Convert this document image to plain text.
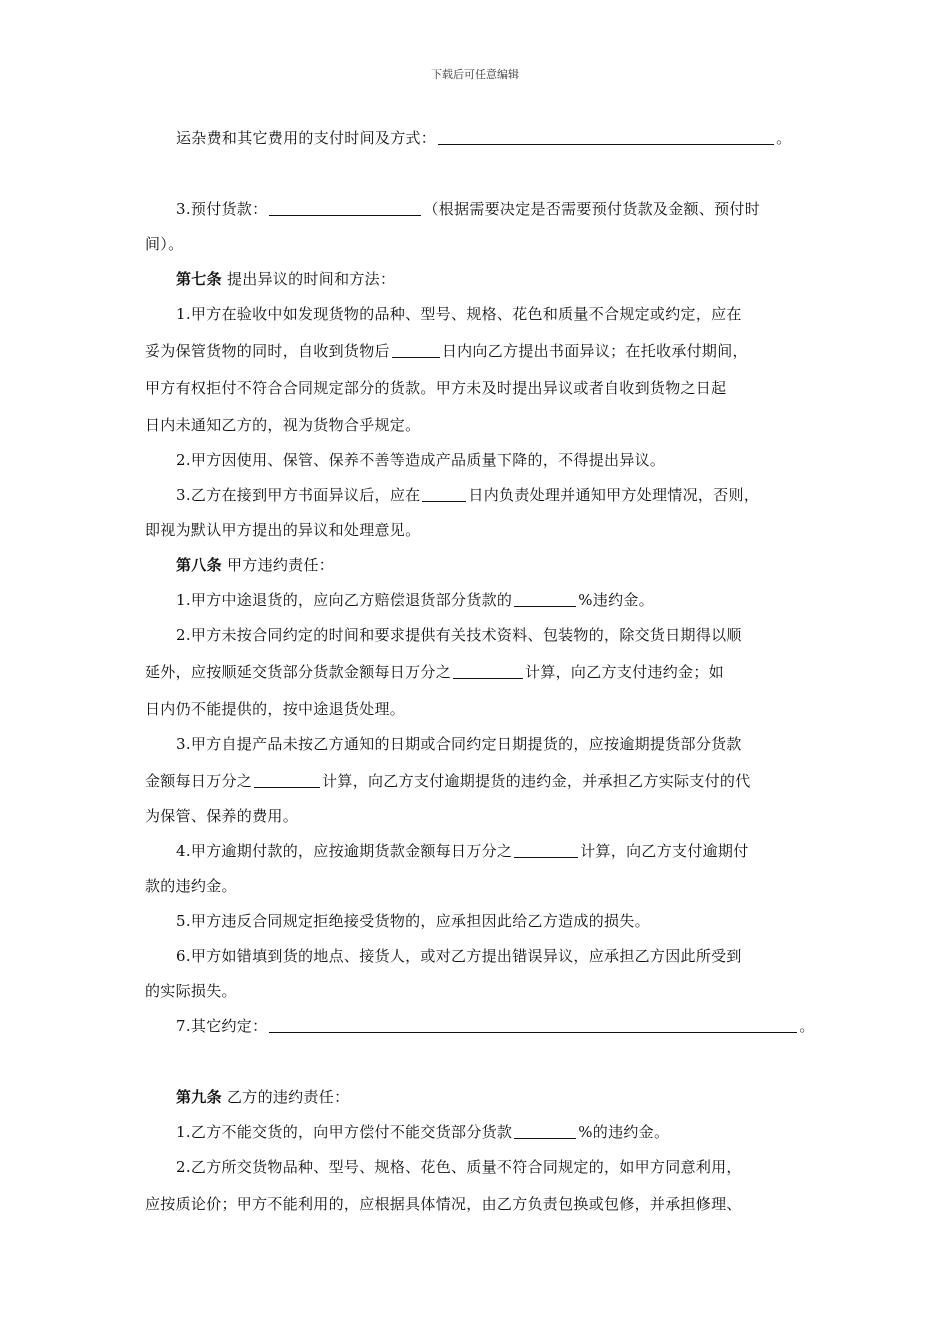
下载后可任意编辑
运杂费和其它费用的支付时间及方式：	。
3.预付货款：	（根据需要决定是否需要预付货款及金额、预付时
间）。
第七条 提出异议的时间和方法：
1.甲方在验收中如发现货物的品种、型号、规格、花色和质量不合规定或约定，应在
妥为保管货物的同时，自收到货物后	日内向乙方提出书面异议；在托收承付期间，
甲方有权拒付不符合合同规定部分的货款。甲方未及时提出异议或者自收到货物之日起
日内未通知乙方的，视为货物合乎规定。
2.甲方因使用、保管、保养不善等造成产品质量下降的，不得提出异议。
3.乙方在接到甲方书面异议后，应在	日内负责处理并通知甲方处理情况，否则，
即视为默认甲方提出的异议和处理意见。
第八条 甲方违约责任：
1.甲方中途退货的，应向乙方赔偿退货部分货款的	%违约金。
2.甲方未按合同约定的时间和要求提供有关技术资料、包装物的，除交货日期得以顺
延外，应按顺延交货部分货款金额每日万分之	计算，向乙方支付违约金；如
日内仍不能提供的，按中途退货处理。
3.甲方自提产品未按乙方通知的日期或合同约定日期提货的，应按逾期提货部分货款
金额每日万分之	计算，向乙方支付逾期提货的违约金，并承担乙方实际支付的代
为保管、保养的费用。
4.甲方逾期付款的，应按逾期货款金额每日万分之	计算，向乙方支付逾期付
款的违约金。
5.甲方违反合同规定拒绝接受货物的，应承担因此给乙方造成的损失。
6.甲方如错填到货的地点、接货人，或对乙方提出错误异议，应承担乙方因此所受到
的实际损失。
7.其它约定：	。
第九条 乙方的违约责任：
1.乙方不能交货的，向甲方偿付不能交货部分货款	%的违约金。
2.乙方所交货物品种、型号、规格、花色、质量不符合同规定的，如甲方同意利用，
应按质论价；甲方不能利用的，应根据具体情况，由乙方负责包换或包修，并承担修理、
